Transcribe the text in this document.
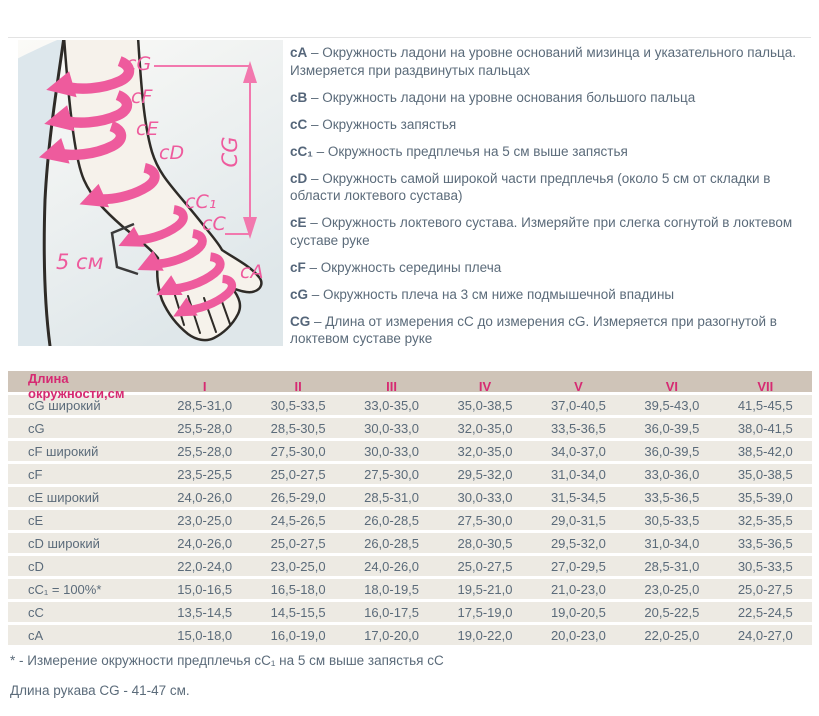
cG
cF
cE
cD
cC₁
cC
cA
5 см
CG

cA – Окружность ладони на уровне оснований мизинца и указательного пальца. Измеряется при раздвинутых пальцах

cB – Окружность ладони на уровне основания большого пальца

cC – Окружность запястья

cC₁ – Окружность предплечья на 5 см выше запястья

cD – Окружность самой широкой части предплечья (около 5 см от складки в области локтевого сустава)

cE – Окружность локтевого сустава. Измеряйте при слегка согнутой в локтевом суставе руке

cF – Окружность середины плеча

cG – Окружность плеча на 3 см ниже подмышечной впадины

CG – Длина от измерения cC до измерения cG. Измеряется при разогнутой в локтевом суставе руке

Длина окружности,см	I	II	III	IV	V	VI	VII
cG широкий	28,5-31,0	30,5-33,5	33,0-35,0	35,0-38,5	37,0-40,5	39,5-43,0	41,5-45,5
cG	25,5-28,0	28,5-30,5	30,0-33,0	32,0-35,0	33,5-36,5	36,0-39,5	38,0-41,5
cF широкий	25,5-28,0	27,5-30,0	30,0-33,0	32,0-35,0	34,0-37,0	36,0-39,5	38,5-42,0
cF	23,5-25,5	25,0-27,5	27,5-30,0	29,5-32,0	31,0-34,0	33,0-36,0	35,0-38,5
cE широкий	24,0-26,0	26,5-29,0	28,5-31,0	30,0-33,0	31,5-34,5	33,5-36,5	35,5-39,0
cE	23,0-25,0	24,5-26,5	26,0-28,5	27,5-30,0	29,0-31,5	30,5-33,5	32,5-35,5
cD широкий	24,0-26,0	25,0-27,5	26,0-28,5	28,0-30,5	29,5-32,0	31,0-34,0	33,5-36,5
cD	22,0-24,0	23,0-25,0	24,0-26,0	25,0-27,5	27,0-29,5	28,5-31,0	30,5-33,5
cC₁ = 100%*	15,0-16,5	16,5-18,0	18,0-19,5	19,5-21,0	21,0-23,0	23,0-25,0	25,0-27,5
cC	13,5-14,5	14,5-15,5	16,0-17,5	17,5-19,0	19,0-20,5	20,5-22,5	22,5-24,5
cA	15,0-18,0	16,0-19,0	17,0-20,0	19,0-22,0	20,0-23,0	22,0-25,0	24,0-27,0

* - Измерение окружности предплечья cC₁ на 5 см выше запястья cC

Длина рукава CG - 41-47 см.
